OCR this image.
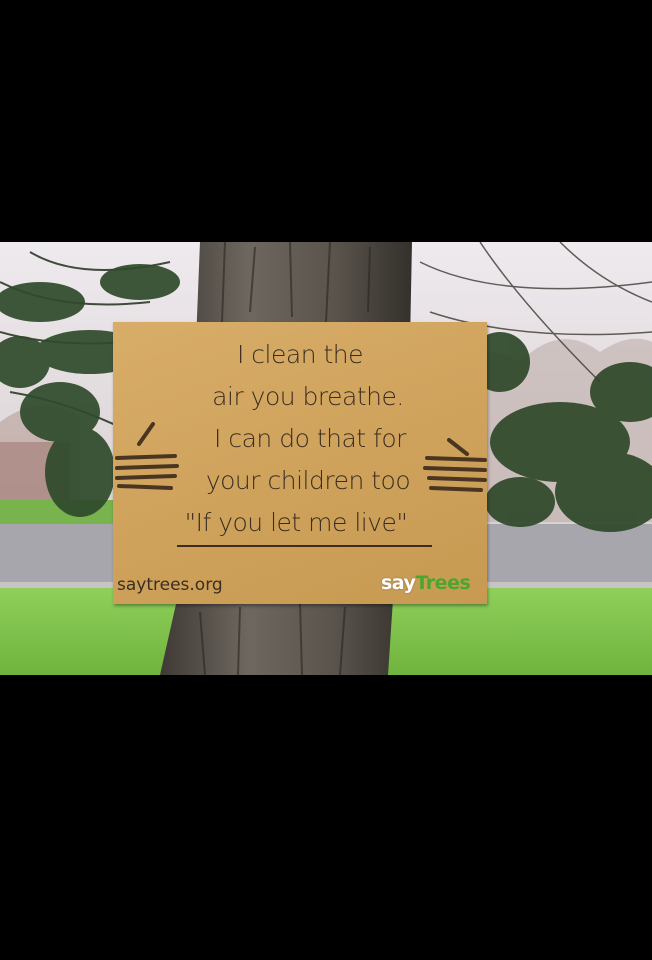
I clean the
air you breathe.
I can do that for
your children too
"If you let me live"
saytrees.org	sayTrees
